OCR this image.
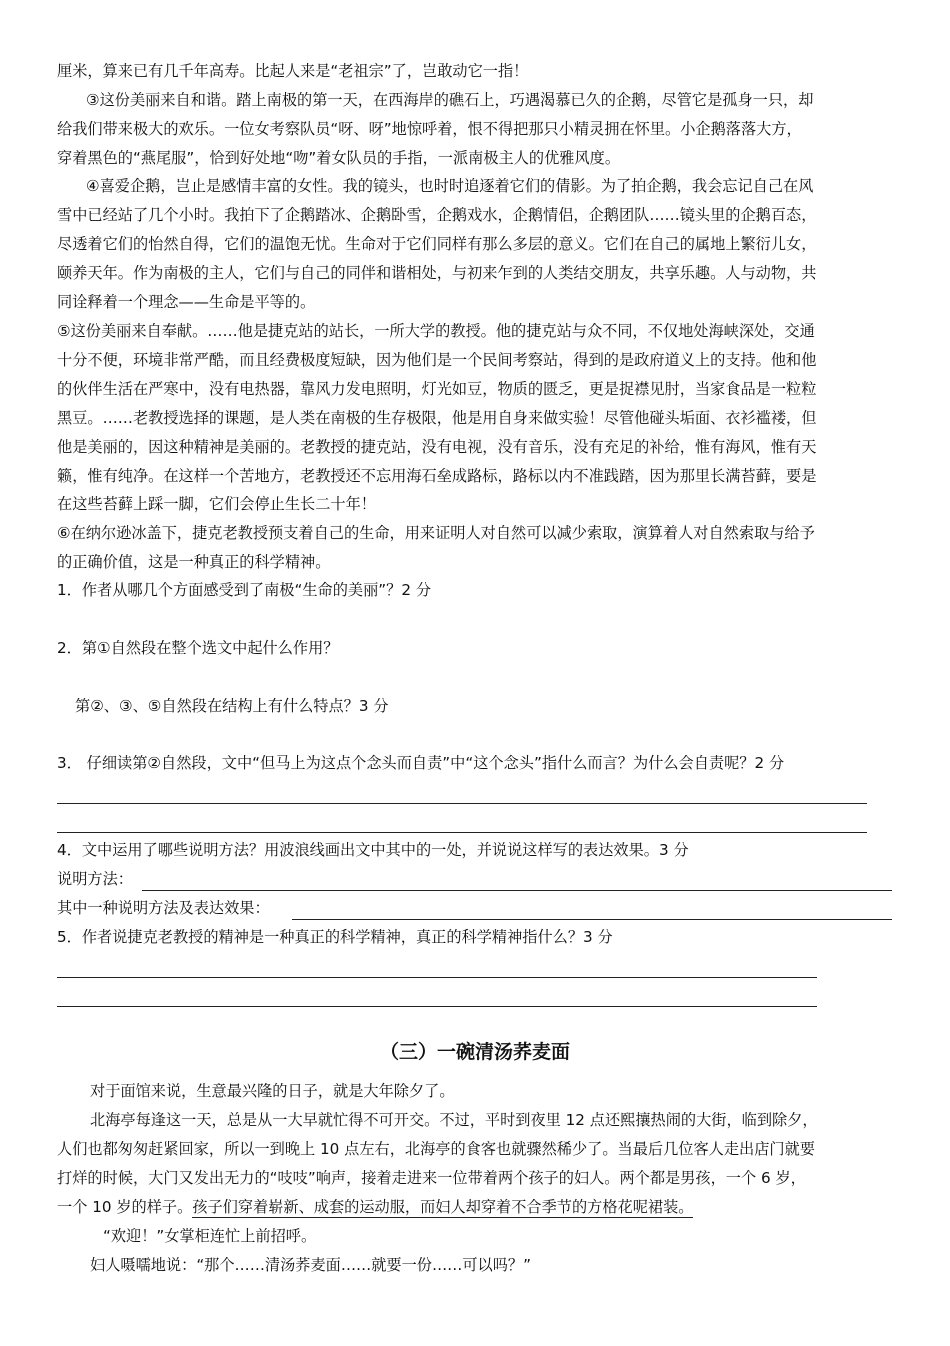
厘米，算来已有几千年高寿。比起人来是“老祖宗”了，岂敢动它一指！
③这份美丽来自和谐。踏上南极的第一天，在西海岸的礁石上，巧遇渴慕已久的企鹅，尽管它是孤身一只，却
给我们带来极大的欢乐。一位女考察队员“呀、呀”地惊呼着，恨不得把那只小精灵拥在怀里。小企鹅落落大方，
穿着黑色的“燕尾服”，恰到好处地“吻”着女队员的手指，一派南极主人的优雅风度。
④喜爱企鹅，岂止是感情丰富的女性。我的镜头，也时时追逐着它们的倩影。为了拍企鹅，我会忘记自己在风
雪中已经站了几个小时。我拍下了企鹅踏冰、企鹅卧雪，企鹅戏水，企鹅情侣，企鹅团队……镜头里的企鹅百态，
尽透着它们的怡然自得，它们的温饱无忧。生命对于它们同样有那么多层的意义。它们在自己的属地上繁衍儿女，
颐养天年。作为南极的主人，它们与自己的同伴和谐相处，与初来乍到的人类结交朋友，共享乐趣。人与动物，共
同诠释着一个理念——生命是平等的。
⑤这份美丽来自奉献。……他是捷克站的站长，一所大学的教授。他的捷克站与众不同，不仅地处海峡深处，交通
十分不便，环境非常严酷，而且经费极度短缺，因为他们是一个民间考察站，得到的是政府道义上的支持。他和他
的伙伴生活在严寒中，没有电热器，靠风力发电照明，灯光如豆，物质的匮乏，更是捉襟见肘，当家食品是一粒粒
黑豆。……老教授选择的课题，是人类在南极的生存极限，他是用自身来做实验！尽管他碰头垢面、衣衫褴褛，但
他是美丽的，因这种精神是美丽的。老教授的捷克站，没有电视，没有音乐，没有充足的补给，惟有海风，惟有天
籁，惟有纯净。在这样一个苦地方，老教授还不忘用海石垒成路标，路标以内不准践踏，因为那里长满苔藓，要是
在这些苔藓上踩一脚，它们会停止生长二十年！
⑥在纳尔逊冰盖下，捷克老教授预支着自己的生命，用来证明人对自然可以减少索取，演算着人对自然索取与给予
的正确价值，这是一种真正的科学精神。
1．作者从哪几个方面感受到了南极“生命的美丽”？2 分
2．第①自然段在整个选文中起什么作用？
第②、③、⑤自然段在结构上有什么特点？3 分
3． 仔细读第②自然段，文中“但马上为这点个念头而自责”中“这个念头”指什么而言？为什么会自责呢？2 分
4．文中运用了哪些说明方法？用波浪线画出文中其中的一处，并说说这样写的表达效果。3 分
说明方法：
其中一种说明方法及表达效果：
5．作者说捷克老教授的精神是一种真正的科学精神，真正的科学精神指什么？3 分
（三）一碗清汤荞麦面
对于面馆来说，生意最兴隆的日子，就是大年除夕了。
北海亭每逢这一天，总是从一大早就忙得不可开交。不过，平时到夜里 12 点还熙攘热闹的大街，临到除夕，
人们也都匆匆赶紧回家，所以一到晚上 10 点左右，北海亭的食客也就骤然稀少了。当最后几位客人走出店门就要
打烊的时候，大门又发出无力的“吱吱”响声，接着走进来一位带着两个孩子的妇人。两个都是男孩，一个 6 岁，
一个 10 岁的样子。孩子们穿着崭新、成套的运动服，而妇人却穿着不合季节的方格花呢裙装。
“欢迎！”女掌柜连忙上前招呼。
妇人嗫嚅地说：“那个……清汤荞麦面……就要一份……可以吗？”
